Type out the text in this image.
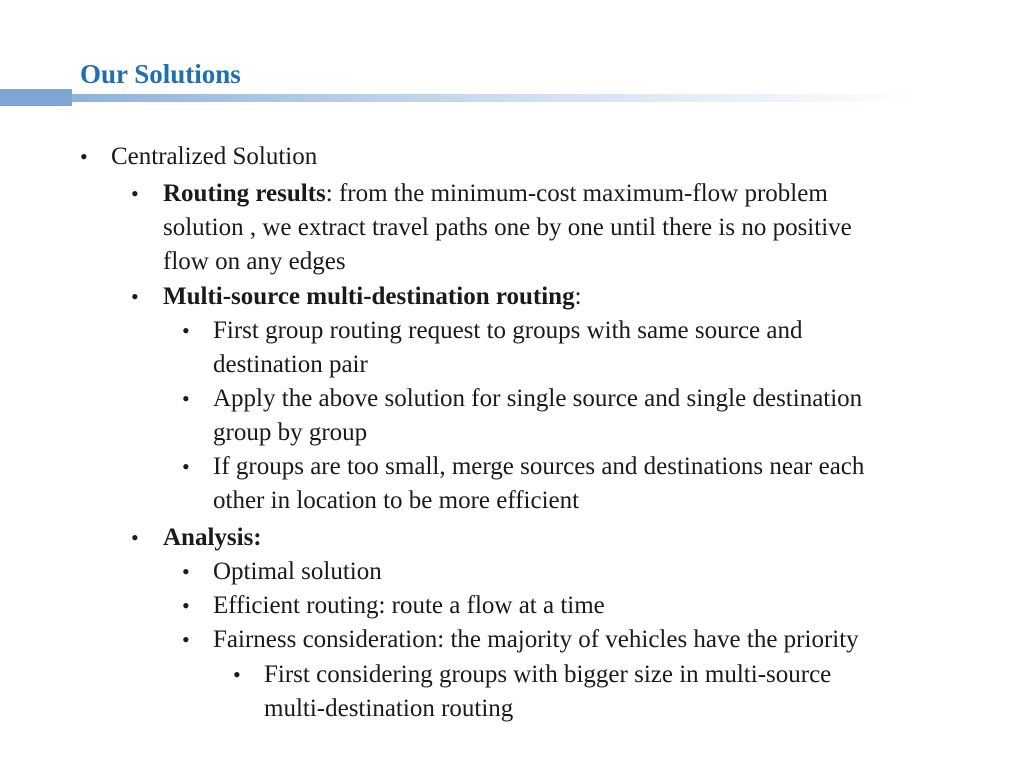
Our Solutions
• Centralized Solution
• Routing results: from the minimum-cost maximum-flow problem
solution , we extract travel paths one by one until there is no positive
flow on any edges
• Multi-source multi-destination routing:
• First group routing request to groups with same source and
destination pair
• Apply the above solution for single source and single destination
group by group
• If groups are too small, merge sources and destinations near each
other in location to be more efficient
• Analysis:
• Optimal solution
• Efficient routing: route a flow at a time
• Fairness consideration: the majority of vehicles have the priority
• First considering groups with bigger size in multi-source
multi-destination routing
